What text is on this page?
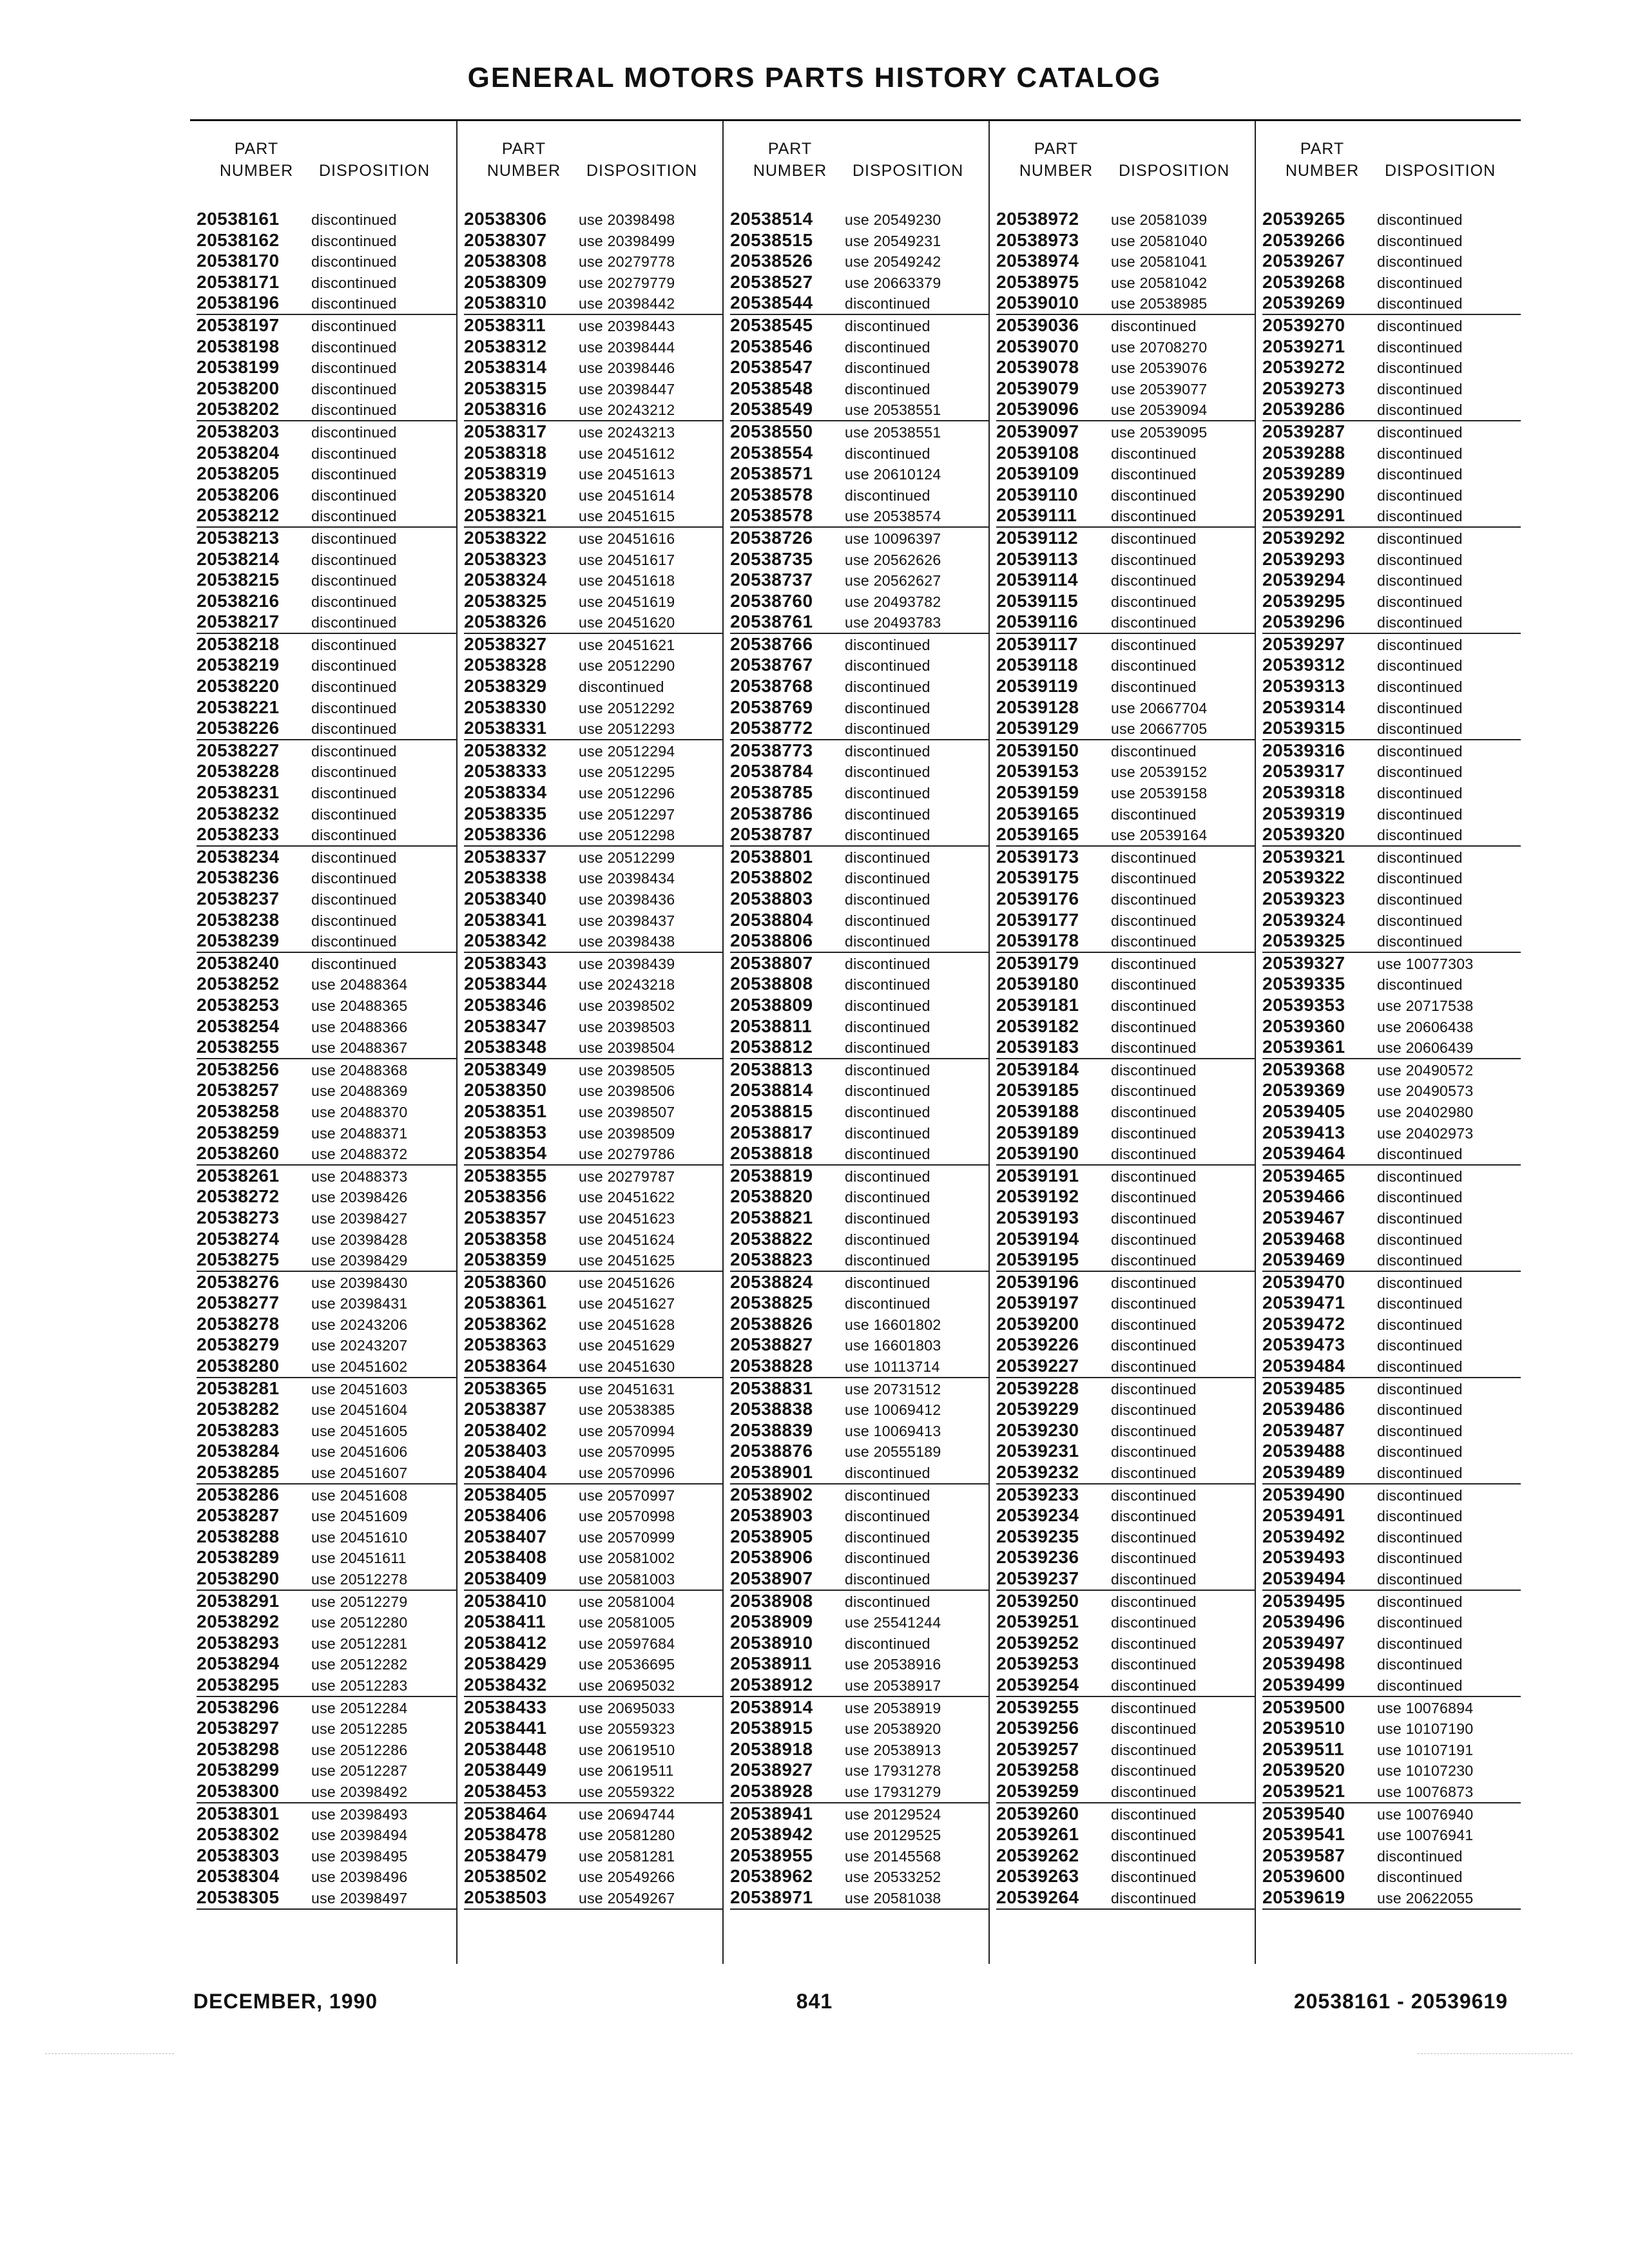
GENERAL MOTORS PARTS HISTORY CATALOG
PART
NUMBER	DISPOSITION
20538161 discontinued
20538162 discontinued
20538170 discontinued
20538171 discontinued
20538196 discontinued
20538197 discontinued
20538198 discontinued
20538199 discontinued
20538200 discontinued
20538202 discontinued
20538203 discontinued
20538204 discontinued
20538205 discontinued
20538206 discontinued
20538212 discontinued
20538213 discontinued
20538214 discontinued
20538215 discontinued
20538216 discontinued
20538217 discontinued
20538218 discontinued
20538219 discontinued
20538220 discontinued
20538221 discontinued
20538226 discontinued
20538227 discontinued
20538228 discontinued
20538231 discontinued
20538232 discontinued
20538233 discontinued
20538234 discontinued
20538236 discontinued
20538237 discontinued
20538238 discontinued
20538239 discontinued
20538240 discontinued
20538252 use 20488364
20538253 use 20488365
20538254 use 20488366
20538255 use 20488367
20538256 use 20488368
20538257 use 20488369
20538258 use 20488370
20538259 use 20488371
20538260 use 20488372
20538261 use 20488373
20538272 use 20398426
20538273 use 20398427
20538274 use 20398428
20538275 use 20398429
20538276 use 20398430
20538277 use 20398431
20538278 use 20243206
20538279 use 20243207
20538280 use 20451602
20538281 use 20451603
20538282 use 20451604
20538283 use 20451605
20538284 use 20451606
20538285 use 20451607
20538286 use 20451608
20538287 use 20451609
20538288 use 20451610
20538289 use 20451611
20538290 use 20512278
20538291 use 20512279
20538292 use 20512280
20538293 use 20512281
20538294 use 20512282
20538295 use 20512283
20538296 use 20512284
20538297 use 20512285
20538298 use 20512286
20538299 use 20512287
20538300 use 20398492
20538301 use 20398493
20538302 use 20398494
20538303 use 20398495
20538304 use 20398496
20538305 use 20398497
PART
NUMBER	DISPOSITION
20538306 use 20398498
20538307 use 20398499
20538308 use 20279778
20538309 use 20279779
20538310 use 20398442
20538311 use 20398443
20538312 use 20398444
20538314 use 20398446
20538315 use 20398447
20538316 use 20243212
20538317 use 20243213
20538318 use 20451612
20538319 use 20451613
20538320 use 20451614
20538321 use 20451615
20538322 use 20451616
20538323 use 20451617
20538324 use 20451618
20538325 use 20451619
20538326 use 20451620
20538327 use 20451621
20538328 use 20512290
20538329 discontinued
20538330 use 20512292
20538331 use 20512293
20538332 use 20512294
20538333 use 20512295
20538334 use 20512296
20538335 use 20512297
20538336 use 20512298
20538337 use 20512299
20538338 use 20398434
20538340 use 20398436
20538341 use 20398437
20538342 use 20398438
20538343 use 20398439
20538344 use 20243218
20538346 use 20398502
20538347 use 20398503
20538348 use 20398504
20538349 use 20398505
20538350 use 20398506
20538351 use 20398507
20538353 use 20398509
20538354 use 20279786
20538355 use 20279787
20538356 use 20451622
20538357 use 20451623
20538358 use 20451624
20538359 use 20451625
20538360 use 20451626
20538361 use 20451627
20538362 use 20451628
20538363 use 20451629
20538364 use 20451630
20538365 use 20451631
20538387 use 20538385
20538402 use 20570994
20538403 use 20570995
20538404 use 20570996
20538405 use 20570997
20538406 use 20570998
20538407 use 20570999
20538408 use 20581002
20538409 use 20581003
20538410 use 20581004
20538411 use 20581005
20538412 use 20597684
20538429 use 20536695
20538432 use 20695032
20538433 use 20695033
20538441 use 20559323
20538448 use 20619510
20538449 use 20619511
20538453 use 20559322
20538464 use 20694744
20538478 use 20581280
20538479 use 20581281
20538502 use 20549266
20538503 use 20549267
PART
NUMBER	DISPOSITION
20538514 use 20549230
20538515 use 20549231
20538526 use 20549242
20538527 use 20663379
20538544 discontinued
20538545 discontinued
20538546 discontinued
20538547 discontinued
20538548 discontinued
20538549 use 20538551
20538550 use 20538551
20538554 discontinued
20538571 use 20610124
20538578 discontinued
20538578 use 20538574
20538726 use 10096397
20538735 use 20562626
20538737 use 20562627
20538760 use 20493782
20538761 use 20493783
20538766 discontinued
20538767 discontinued
20538768 discontinued
20538769 discontinued
20538772 discontinued
20538773 discontinued
20538784 discontinued
20538785 discontinued
20538786 discontinued
20538787 discontinued
20538801 discontinued
20538802 discontinued
20538803 discontinued
20538804 discontinued
20538806 discontinued
20538807 discontinued
20538808 discontinued
20538809 discontinued
20538811 discontinued
20538812 discontinued
20538813 discontinued
20538814 discontinued
20538815 discontinued
20538817 discontinued
20538818 discontinued
20538819 discontinued
20538820 discontinued
20538821 discontinued
20538822 discontinued
20538823 discontinued
20538824 discontinued
20538825 discontinued
20538826 use 16601802
20538827 use 16601803
20538828 use 10113714
20538831 use 20731512
20538838 use 10069412
20538839 use 10069413
20538876 use 20555189
20538901 discontinued
20538902 discontinued
20538903 discontinued
20538905 discontinued
20538906 discontinued
20538907 discontinued
20538908 discontinued
20538909 use 25541244
20538910 discontinued
20538911 use 20538916
20538912 use 20538917
20538914 use 20538919
20538915 use 20538920
20538918 use 20538913
20538927 use 17931278
20538928 use 17931279
20538941 use 20129524
20538942 use 20129525
20538955 use 20145568
20538962 use 20533252
20538971 use 20581038
PART
NUMBER	DISPOSITION
20538972 use 20581039
20538973 use 20581040
20538974 use 20581041
20538975 use 20581042
20539010 use 20538985
20539036 discontinued
20539070 use 20708270
20539078 use 20539076
20539079 use 20539077
20539096 use 20539094
20539097 use 20539095
20539108 discontinued
20539109 discontinued
20539110 discontinued
20539111 discontinued
20539112 discontinued
20539113 discontinued
20539114 discontinued
20539115 discontinued
20539116 discontinued
20539117 discontinued
20539118 discontinued
20539119 discontinued
20539128 use 20667704
20539129 use 20667705
20539150 discontinued
20539153 use 20539152
20539159 use 20539158
20539165 discontinued
20539165 use 20539164
20539173 discontinued
20539175 discontinued
20539176 discontinued
20539177 discontinued
20539178 discontinued
20539179 discontinued
20539180 discontinued
20539181 discontinued
20539182 discontinued
20539183 discontinued
20539184 discontinued
20539185 discontinued
20539188 discontinued
20539189 discontinued
20539190 discontinued
20539191 discontinued
20539192 discontinued
20539193 discontinued
20539194 discontinued
20539195 discontinued
20539196 discontinued
20539197 discontinued
20539200 discontinued
20539226 discontinued
20539227 discontinued
20539228 discontinued
20539229 discontinued
20539230 discontinued
20539231 discontinued
20539232 discontinued
20539233 discontinued
20539234 discontinued
20539235 discontinued
20539236 discontinued
20539237 discontinued
20539250 discontinued
20539251 discontinued
20539252 discontinued
20539253 discontinued
20539254 discontinued
20539255 discontinued
20539256 discontinued
20539257 discontinued
20539258 discontinued
20539259 discontinued
20539260 discontinued
20539261 discontinued
20539262 discontinued
20539263 discontinued
20539264 discontinued
PART
NUMBER	DISPOSITION
20539265 discontinued
20539266 discontinued
20539267 discontinued
20539268 discontinued
20539269 discontinued
20539270 discontinued
20539271 discontinued
20539272 discontinued
20539273 discontinued
20539286 discontinued
20539287 discontinued
20539288 discontinued
20539289 discontinued
20539290 discontinued
20539291 discontinued
20539292 discontinued
20539293 discontinued
20539294 discontinued
20539295 discontinued
20539296 discontinued
20539297 discontinued
20539312 discontinued
20539313 discontinued
20539314 discontinued
20539315 discontinued
20539316 discontinued
20539317 discontinued
20539318 discontinued
20539319 discontinued
20539320 discontinued
20539321 discontinued
20539322 discontinued
20539323 discontinued
20539324 discontinued
20539325 discontinued
20539327 use 10077303
20539335 discontinued
20539353 use 20717538
20539360 use 20606438
20539361 use 20606439
20539368 use 20490572
20539369 use 20490573
20539405 use 20402980
20539413 use 20402973
20539464 discontinued
20539465 discontinued
20539466 discontinued
20539467 discontinued
20539468 discontinued
20539469 discontinued
20539470 discontinued
20539471 discontinued
20539472 discontinued
20539473 discontinued
20539484 discontinued
20539485 discontinued
20539486 discontinued
20539487 discontinued
20539488 discontinued
20539489 discontinued
20539490 discontinued
20539491 discontinued
20539492 discontinued
20539493 discontinued
20539494 discontinued
20539495 discontinued
20539496 discontinued
20539497 discontinued
20539498 discontinued
20539499 discontinued
20539500 use 10076894
20539510 use 10107190
20539511 use 10107191
20539520 use 10107230
20539521 use 10076873
20539540 use 10076940
20539541 use 10076941
20539587 discontinued
20539600 discontinued
20539619 use 20622055
DECEMBER, 1990	841	20538161 - 20539619
